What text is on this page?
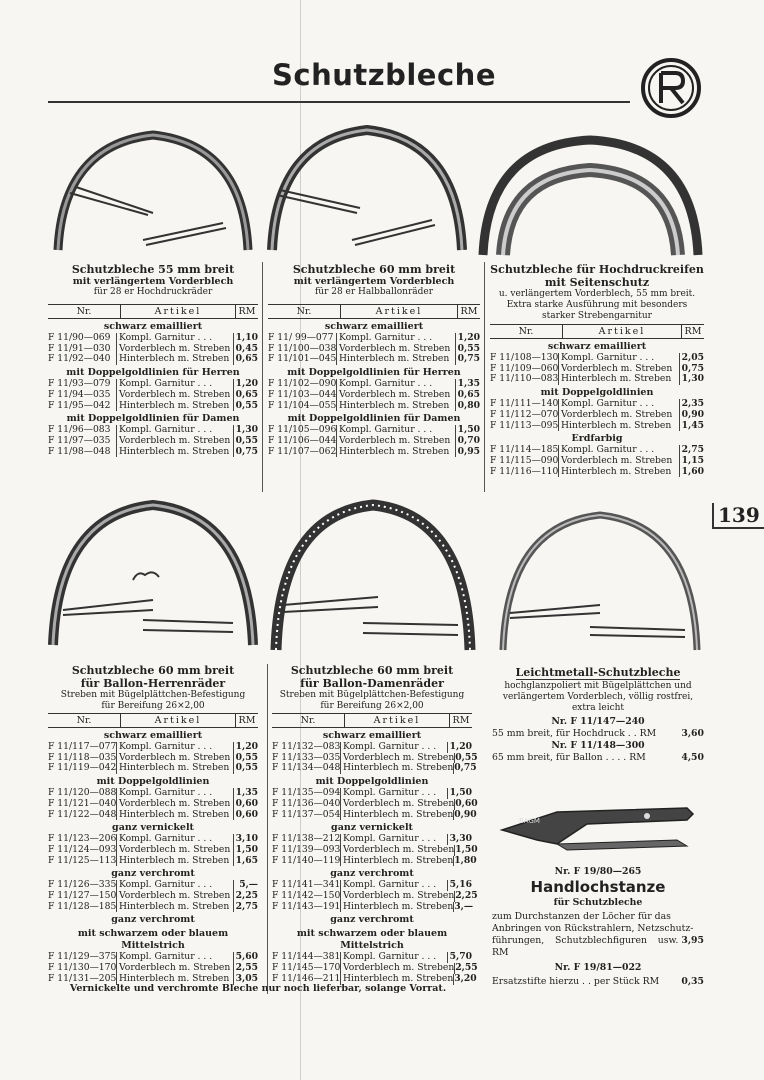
Schutzbleche
139
Schutzbleche 55 mm breit
mit verlängertem Vorderblech
für 28 er Hochdruckräder
Nr.	Artikel	RM
schwarz emailliert
F 11/90—069 Kompl. Garnitur . . .	1,10
F 11/91—030 Vorderblech m. Streben 0,45
F 11/92—040 Hinterblech m. Streben 0,65
mit Doppelgoldlinien für Herren
F 11/93—079 Kompl. Garnitur . . .	1,20
F 11/94—035 Vorderblech m. Streben 0,65
F 11/95—042 Hinterblech m. Streben 0,55
mit Doppelgoldlinien für Damen
F 11/96—083 Kompl. Garnitur . . .	1,30
F 11/97—035 Vorderblech m. Streben 0,55
F 11/98—048 Hinterblech m. Streben 0,75
Schutzbleche 60 mm breit
mit verlängertem Vorderblech
für 28 er Halbballonräder
Nr.	Artikel	RM
schwarz emailliert
F 11/ 99—077 Kompl. Garnitur . . .	1,20
F 11/100—038 Vorderblech m. Streben 0,55
F 11/101—045 Hinterblech m. Streben 0,75
mit Doppelgoldlinien für Herren
F 11/102—090 Kompl. Garnitur . . .	1,35
F 11/103—044 Vorderblech m. Streben 0,65
F 11/104—055 Hinterblech m. Streben 0,80
mit Doppelgoldlinien für Damen
F 11/105—096 Kompl. Garnitur . . .	1,50
F 11/106—044 Vorderblech m. Streben 0,70
F 11/107—062 Hinterblech m. Streben 0,95
Schutzbleche für Hochdruckreifen
mit Seitenschutz
u. verlängertem Vorderblech, 55 mm breit.
Extra starke Ausführung mit besonders
starker Strebengarnitur
Nr.	Artikel	RM
schwarz emailliert
F 11/108—130 Kompl. Garnitur . . .	2,05
F 11/109—060 Vorderblech m. Streben	0,75
F 11/110—083 Hinterblech m. Streben	1,30
mit Doppelgoldlinien
F 11/111—140 Kompl. Garnitur . . .	2,35
F 11/112—070 Vorderblech m. Streben	0,90
F 11/113—095 Hinterblech m. Streben	1,45
Erdfarbig
F 11/114—185 Kompl. Garnitur . . .	2,75
F 11/115—090 Vorderblech m. Streben	1,15
F 11/116—110 Hinterblech m. Streben	1,60
Schutzbleche 60 mm breit
für Ballon-Herrenräder
Streben mit Bügelplättchen-Befestigung
für Bereifung 26×2,00
Nr.	Artikel	RM
schwarz emailliert
F 11/117—077 Kompl. Garnitur . . .	1,20
F 11/118—035 Vorderblech m. Streben 0,55
F 11/119—042 Hinterblech m. Streben 0,55
mit Doppelgoldlinien
F 11/120—088 Kompl. Garnitur . . .	1,35
F 11/121—040 Vorderblech m. Streben 0,60
F 11/122—048 Hinterblech m. Streben 0,60
ganz vernickelt
F 11/123—206 Kompl. Garnitur . . .	3,10
F 11/124—093 Vorderblech m. Streben 1,50
F 11/125—113 Hinterblech m. Streben 1,65
ganz verchromt
F 11/126—335 Kompl. Garnitur . . .	5,—
F 11/127—150 Vorderblech m. Streben 2,25
F 11/128—185 Hinterblech m. Streben 2,75
ganz verchromt
mit schwarzem oder blauem Mittelstrich
F 11/129—375 Kompl. Garnitur . . .	5,60
F 11/130—170 Vorderblech m. Streben 2,55
F 11/131—205 Hinterblech m. Streben 3,05
Schutzbleche 60 mm breit
für Ballon-Damenräder
Streben mit Bügelplättchen-Befestigung
für Bereifung 26×2,00
Nr.	Artikel	RM
schwarz emailliert
F 11/132—083 Kompl. Garnitur . . .	1,20
F 11/133—035 Vorderblech m. Streben 0,55
F 11/134—048 Hinterblech m. Streben 0,75
mit Doppelgoldlinien
F 11/135—094 Kompl. Garnitur . . .	1,50
F 11/136—040 Vorderblech m. Streben 0,60
F 11/137—054 Hinterblech m. Streben 0,90
ganz vernickelt
F 11/138—212 Kompl. Garnitur . . .	3,30
F 11/139—093 Vorderblech m. Streben 1,50
F 11/140—119 Hinterblech m. Streben 1,80
ganz verchromt
F 11/141—341 Kompl. Garnitur . . .	5,16
F 11/142—150 Vorderblech m. Streben 2,25
F 11/143—191 Hinterblech m. Streben 3,—
ganz verchromt
mit schwarzem oder blauem Mittelstrich
F 11/144—381 Kompl. Garnitur . . .	5,70
F 11/145—170 Vorderblech m. Streben 2,55
F 11/146—211 Hinterblech m. Streben 3,20
Vernickelte und verchromte Bleche nur noch lieferbar, solange Vorrat.
Leichtmetall-Schutzbleche
hochglanzpoliert mit Bügelplättchen und
verlängertem Vorderblech, völlig rostfrei,
extra leicht
Nr. F 11/147—240
55 mm breit, für Hochdruck . . RM	3,60
Nr. F 11/148—300
65 mm breit, für Ballon . . . . RM	4,50
BAGM
Nr. F 19/80—265
Handlochstanze
für Schutzbleche
zum Durchstanzen der Löcher für das
Anbringen von Rückstrahlern, Netzschutz-
führungen, Schutzblechfiguren usw. RM
3,95
Nr. F 19/81—022
Ersatzstifte hierzu . . per Stück RM	0,35
